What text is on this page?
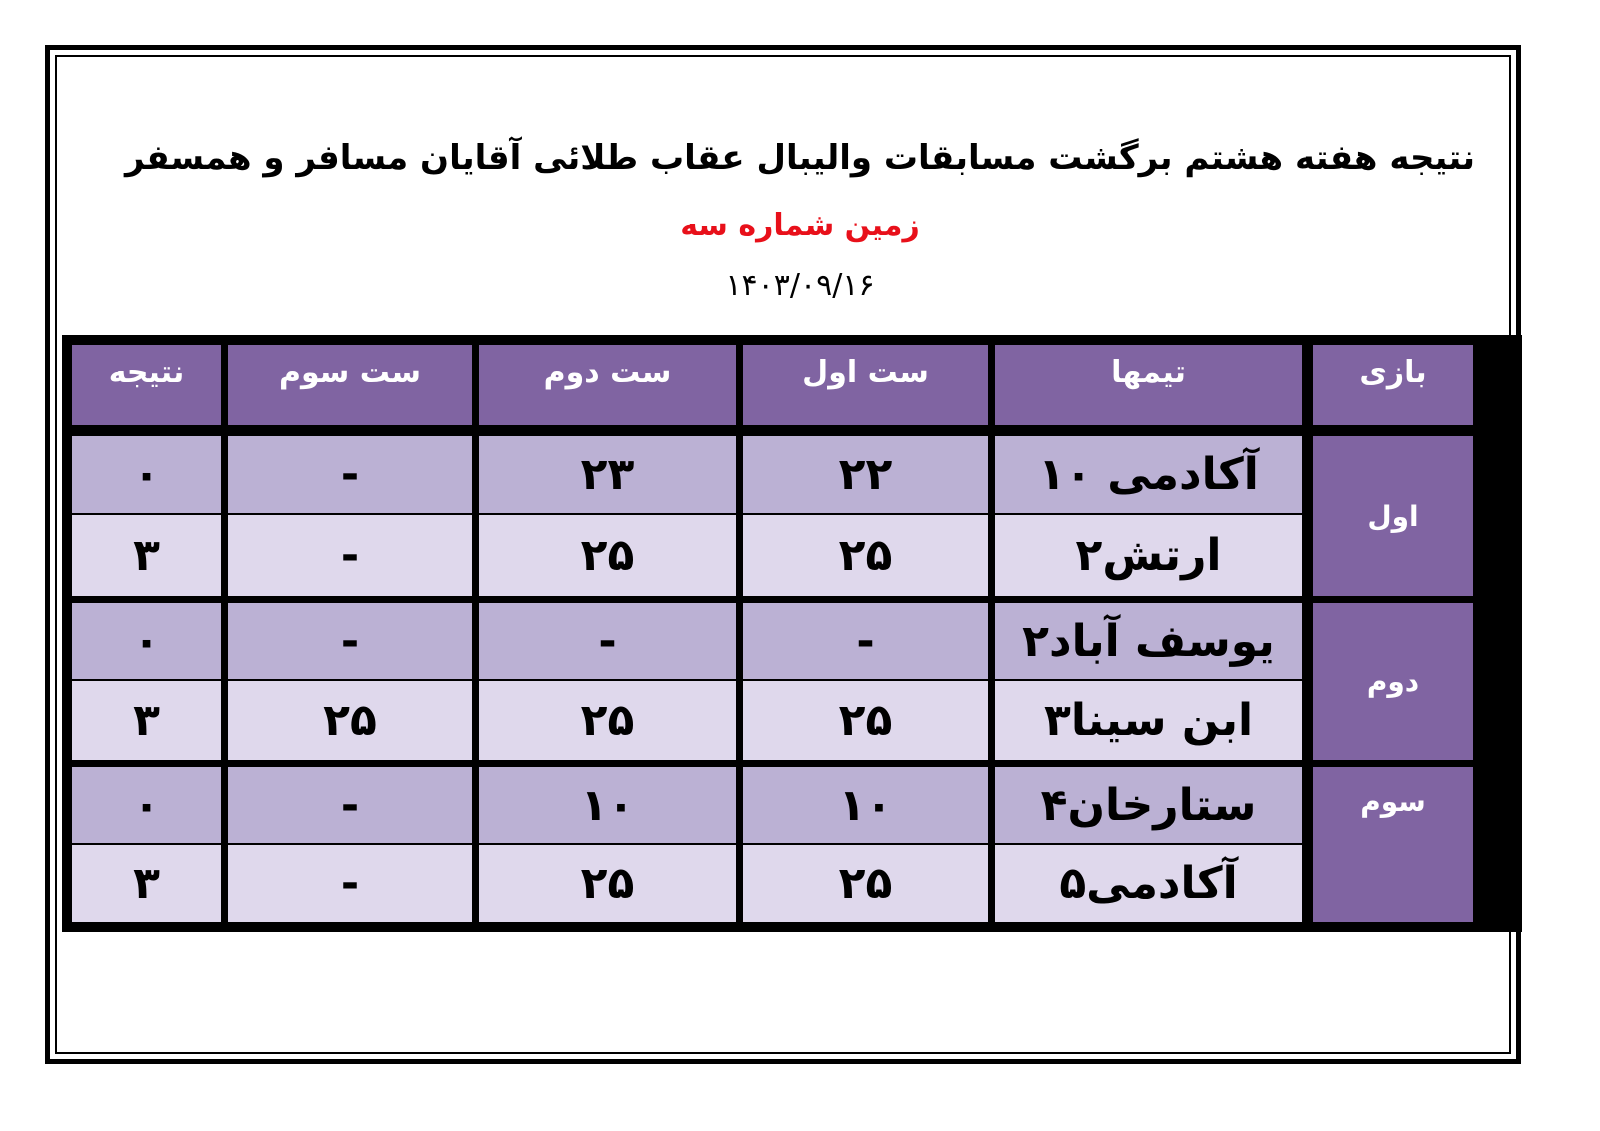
نتیجه هفته هشتم برگشت مسابقات والیبال عقاب طلائی آقایان مسافر و همسفر
زمین شماره سه
۱۴۰۳/۰۹/۱۶
بازی
تیمها
ست اول
ست دوم
ست سوم
نتیجه
اول
آکادمی ۱۰
۲۲
۲۳
-
۰
ارتش۲
۲۵
۲۵
-
۳
دوم
یوسف آباد۲
-
-
-
۰
ابن سینا۳
۲۵
۲۵
۲۵
۳
سوم
ستارخان۴
۱۰
۱۰
-
۰
آکادمی۵
۲۵
۲۵
-
۳
